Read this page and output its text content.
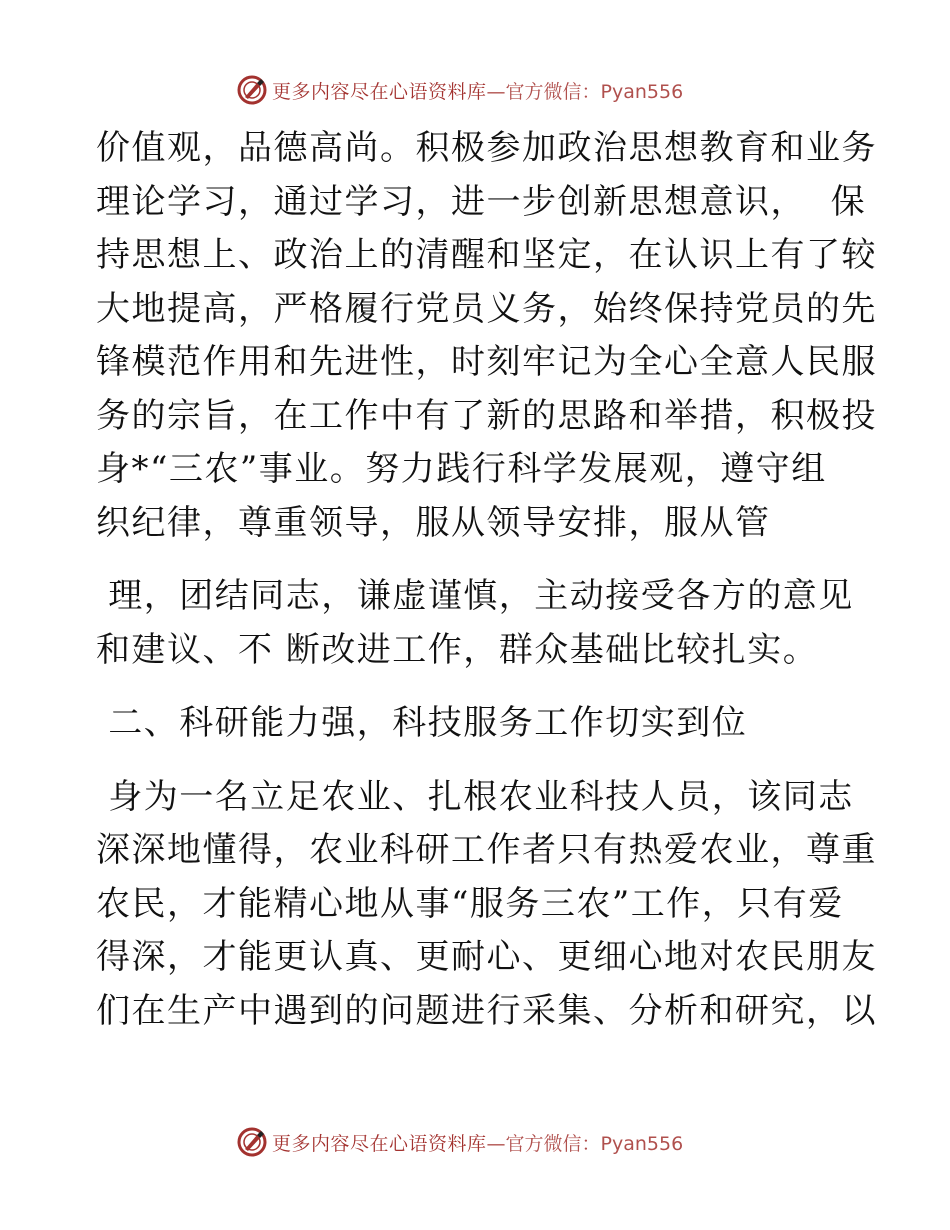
更多内容尽在心语资料库 —官方微信：Pyan556
价值观，品德高尚。积极参加政治思想教育和业务
理论学习，通过学习，进一步创新思想意识，  保
持思想上、政治上的清醒和坚定，在认识上有了较
大地提高，严格履行党员义务，始终保持党员的先
锋模范作用和先进性，时刻牢记为全心全意人民服
务的宗旨，在工作中有了新的思路和举措，积极投
身*“三农”事业。努力践行科学发展观，遵守组
织纪律，尊重领导，服从领导安排，服从管
理，团结同志，谦虚谨慎，主动接受各方的意见
和建议、不 断改进工作，群众基础比较扎实。
二、科研能力强，科技服务工作切实到位
身为一名立足农业、扎根农业科技人员，该同志
深深地懂得，农业科研工作者只有热爱农业，尊重
农民，才能精心地从事“服务三农”工作，只有爱
得深，才能更认真、更耐心、更细心地对农民朋友
们在生产中遇到的问题进行采集、分析和研究，以
更多内容尽在心语资料库 —官方微信：Pyan556
